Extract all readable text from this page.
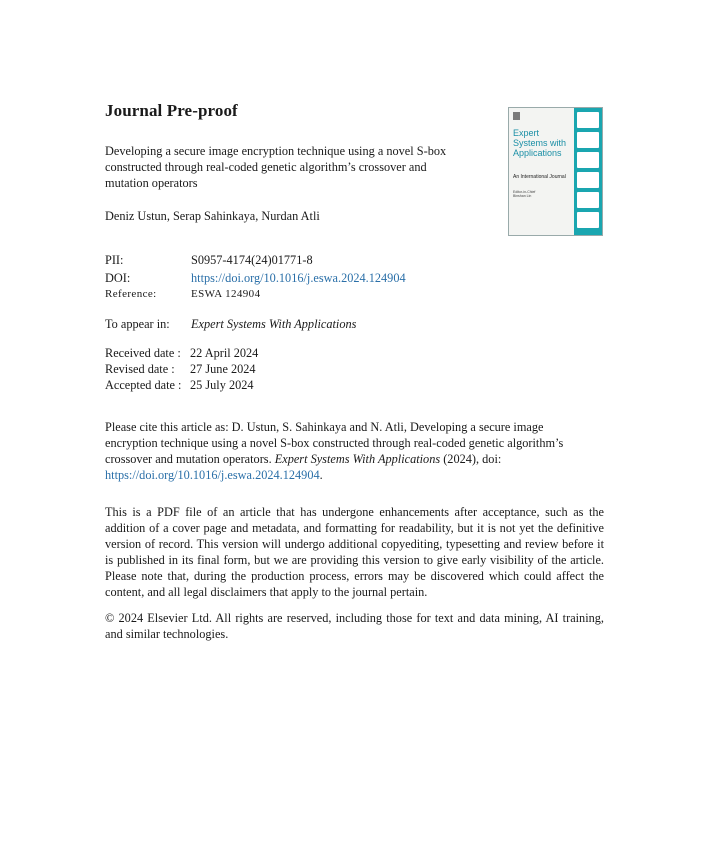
Journal Pre-proof
Developing a secure image encryption technique using a novel S-box constructed through real-coded genetic algorithm’s crossover and mutation operators
Deniz Ustun, Serap Sahinkaya, Nurdan Atli
Expert Systems with Applications
An International Journal
Editor-in-Chief
Binshan Lin
PII:	S0957-4174(24)01771-8
DOI:	https://doi.org/10.1016/j.eswa.2024.124904
Reference:	ESWA 124904
To appear in: Expert Systems With Applications
Received date : 22 April 2024
Revised date : 27 June 2024
Accepted date : 25 July 2024
Please cite this article as: D. Ustun, S. Sahinkaya and N. Atli, Developing a secure image encryption technique using a novel S-box constructed through real-coded genetic algorithm’s crossover and mutation operators. Expert Systems With Applications (2024), doi: https://doi.org/10.1016/j.eswa.2024.124904.
This is a PDF file of an article that has undergone enhancements after acceptance, such as the addition of a cover page and metadata, and formatting for readability, but it is not yet the definitive version of record. This version will undergo additional copyediting, typesetting and review before it is published in its final form, but we are providing this version to give early visibility of the article. Please note that, during the production process, errors may be discovered which could affect the content, and all legal disclaimers that apply to the journal pertain.
© 2024 Elsevier Ltd. All rights are reserved, including those for text and data mining, AI training, and similar technologies.
